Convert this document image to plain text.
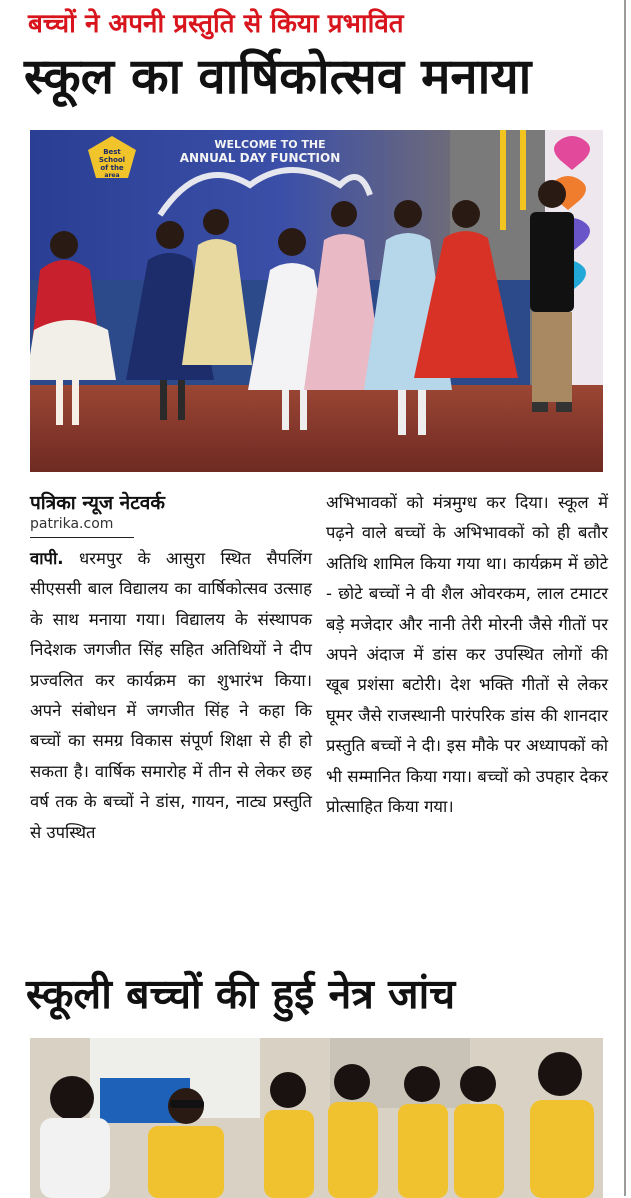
बच्चों ने अपनी प्रस्तुति से किया प्रभावित
स्कूल का वार्षिकोत्सव मनाया
Best
School
of the
area
WELCOME TO THE
ANNUAL DAY FUNCTION
पत्रिका न्यूज नेटवर्क
patrika.com

वापी. धरमपुर के आसुरा स्थित सैपलिंग सीएससी बाल विद्यालय का वार्षिकोत्सव उत्साह के साथ मनाया गया। विद्यालय के संस्थापक निदेशक जगजीत सिंह सहित अतिथियों ने दीप प्रज्वलित कर कार्यक्रम का शुभारंभ किया। अपने संबोधन में जगजीत सिंह ने कहा कि बच्चों का समग्र विकास संपूर्ण शिक्षा से ही हो सकता है। वार्षिक समारोह में तीन से लेकर छह वर्ष तक के बच्चों ने डांस, गायन, नाट्य प्रस्तुति से उपस्थित

अभिभावकों को मंत्रमुग्ध कर दिया। स्कूल में पढ़ने वाले बच्चों के अभिभावकों को ही बतौर अतिथि शामिल किया गया था। कार्यक्रम में छोटे - छोटे बच्चों ने वी शैल ओवरकम, लाल टमाटर बड़े मजेदार और नानी तेरी मोरनी जैसे गीतों पर अपने अंदाज में डांस कर उपस्थित लोगों की खूब प्रशंसा बटोरी। देश भक्ति गीतों से लेकर घूमर जैसे राजस्थानी पारंपरिक डांस की शानदार प्रस्तुति बच्चों ने दी। इस मौके पर अध्यापकों को भी सम्मानित किया गया। बच्चों को उपहार देकर प्रोत्साहित किया गया।

स्कूली बच्चों की हुई नेत्र जांच
